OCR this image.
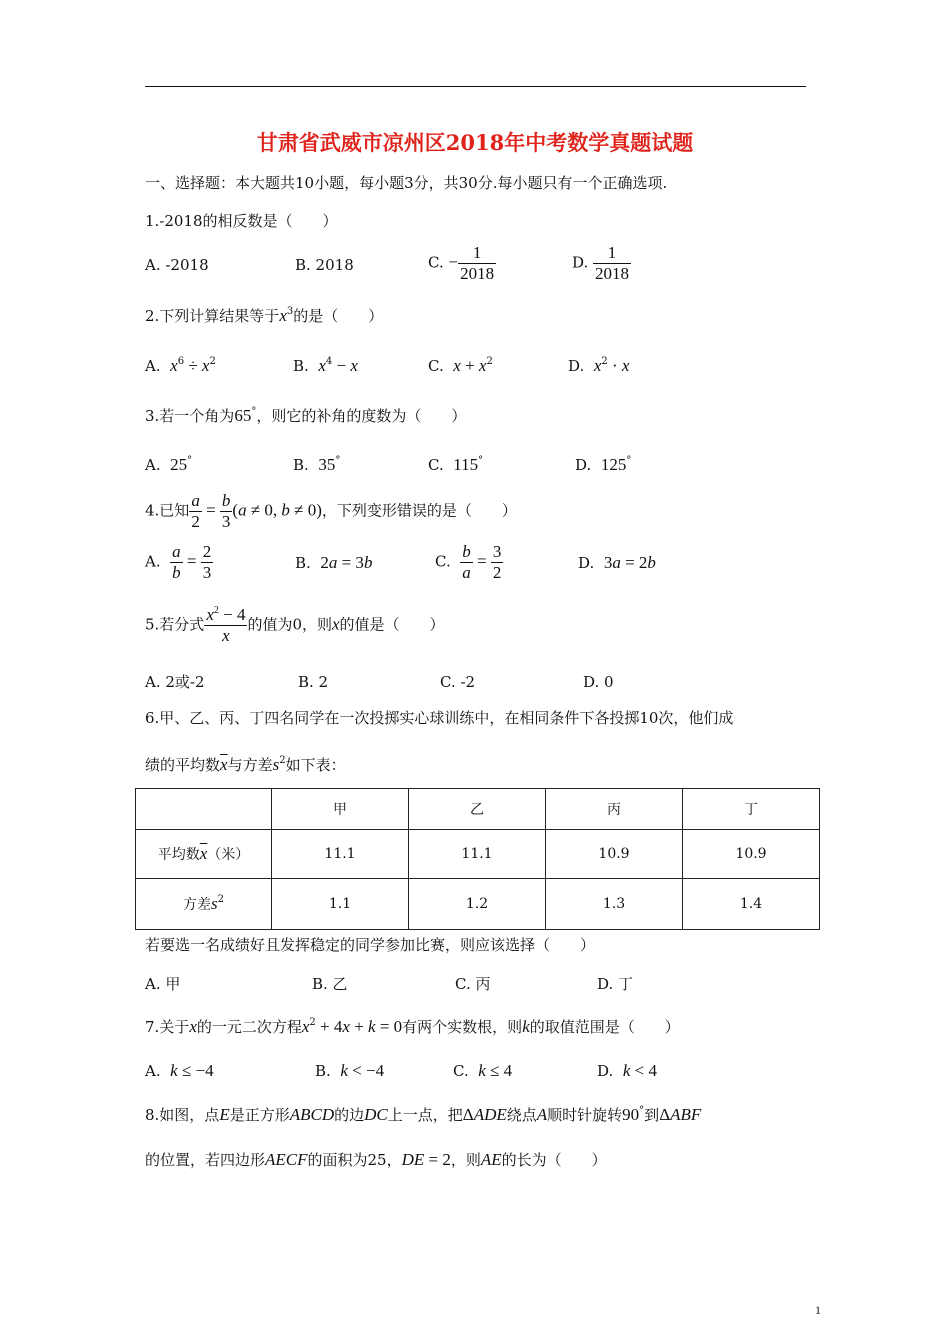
甘肃省武威市凉州区2018年中考数学真题试题
一、选择题：本大题共10小题，每小题3分，共30分.每小题只有一个正确选项.
1.-2018的相反数是（　　）
A. -2018	B. 2018	C. − $\frac{1}{2018}$	D. $\frac{1}{2018}$
2.下列计算结果等于$x^3$的是（　　）
A. $x^6 \div x^2$	B. $x^4 - x$	C. $x + x^2$	D. $x^2 \cdot x$
3.若一个角为65°，则它的补角的度数为（　　）
A. 25°	B. 35°	C. 115°	D. 125°
4.已知 $\frac{a}{2} = \frac{b}{3} (a \ne 0$, b ≠ 0)，下列变形错误的是（　　）
A. $\frac{a}{b} = \frac{2}{3}$	B. 2a = 3b	C. $\frac{b}{a} = \frac{3}{2}$	D. 3a = 2b
5.若分式 $\frac{x^2 - 4}{x}$ 的值为0，则x的值是（　　）
A. 2或-2	B. 2	C. -2	D. 0
6.甲、乙、丙、丁四名同学在一次投掷实心球训练中，在相同条件下各投掷10次，他们成
绩的平均数$\overline{x}$与方差$s^2$如下表：
	甲	乙	丙	丁
平均数$\overline{x}$（米）	11.1	11.1	10.9	10.9
方差$s^2$	1.1	1.2	1.3	1.4
若要选一名成绩好且发挥稳定的同学参加比赛，则应该选择（　　）
A. 甲	B. 乙	C. 丙	D. 丁
7.关于x的一元二次方程$x^2 + 4x + k = 0$有两个实数根，则k的取值范围是（　　）
A. k ≤ −4	B. k < −4	C. k ≤ 4	D. k < 4
8.如图，点E是正方形ABCD的边DC上一点，把ΔADE绕点A顺时针旋转90°到ΔABF
的位置，若四边形AECF的面积为25，DE = 2，则AE的长为（　　）
1
